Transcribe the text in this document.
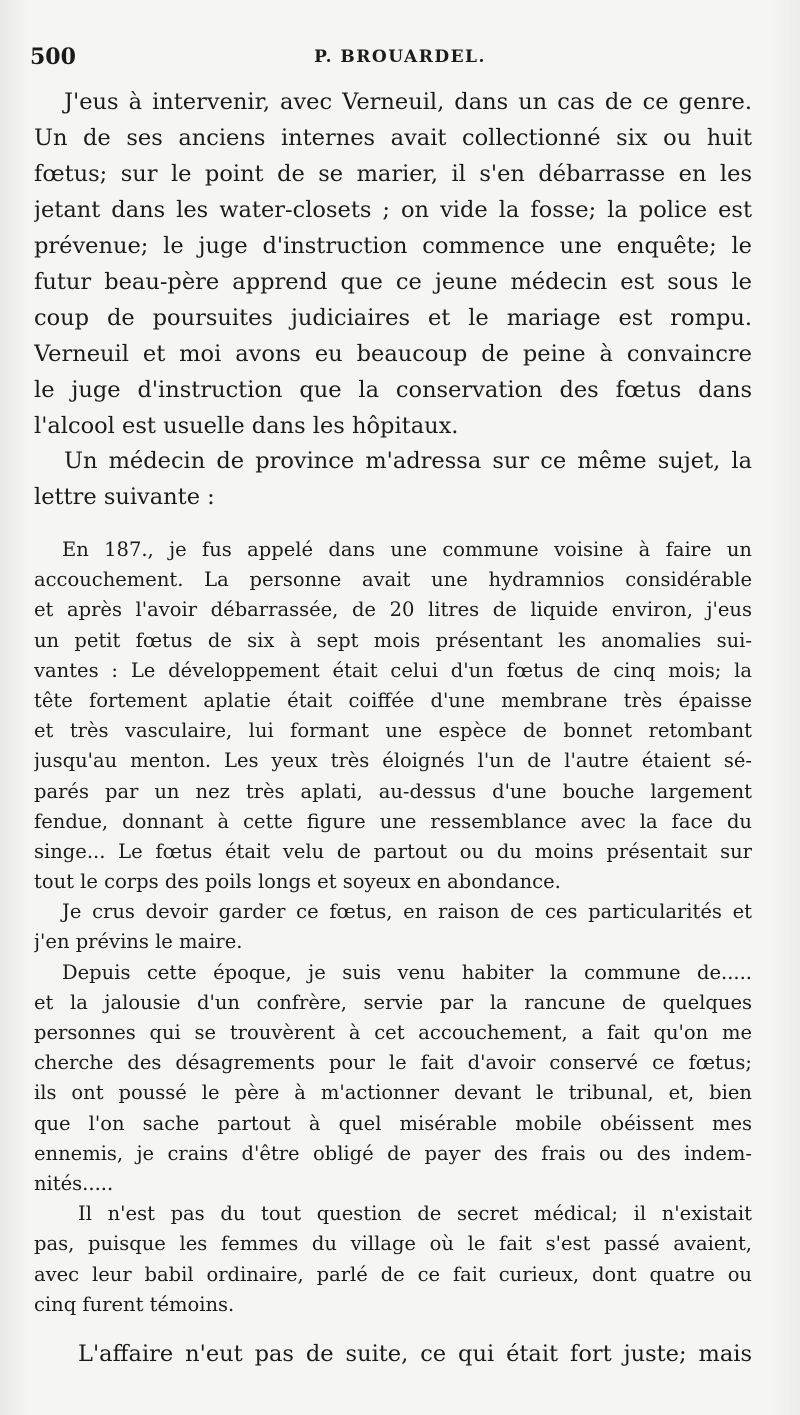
500	P. BROUARDEL.
J'eus à intervenir, avec Verneuil, dans un cas de ce genre.
Un de ses anciens internes avait collectionné six ou huit
fœtus; sur le point de se marier, il s'en débarrasse en les
jetant dans les water-closets ; on vide la fosse; la police est
prévenue; le juge d'instruction commence une enquête; le
futur beau-père apprend que ce jeune médecin est sous le
coup de poursuites judiciaires et le mariage est rompu.
Verneuil et moi avons eu beaucoup de peine à convaincre
le juge d'instruction que la conservation des fœtus dans
l'alcool est usuelle dans les hôpitaux.
Un médecin de province m'adressa sur ce même sujet, la
lettre suivante :
En 187., je fus appelé dans une commune voisine à faire un
accouchement. La personne avait une hydramnios considérable
et après l'avoir débarrassée, de 20 litres de liquide environ, j'eus
un petit fœtus de six à sept mois présentant les anomalies sui-
vantes : Le développement était celui d'un fœtus de cinq mois; la
tête fortement aplatie était coiffée d'une membrane très épaisse
et très vasculaire, lui formant une espèce de bonnet retombant
jusqu'au menton. Les yeux très éloignés l'un de l'autre étaient sé-
parés par un nez très aplati, au-dessus d'une bouche largement
fendue, donnant à cette figure une ressemblance avec la face du
singe... Le fœtus était velu de partout ou du moins présentait sur
tout le corps des poils longs et soyeux en abondance.
Je crus devoir garder ce fœtus, en raison de ces particularités et
j'en prévins le maire.
Depuis cette époque, je suis venu habiter la commune de.....
et la jalousie d'un confrère, servie par la rancune de quelques
personnes qui se trouvèrent à cet accouchement, a fait qu'on me
cherche des désagrements pour le fait d'avoir conservé ce fœtus;
ils ont poussé le père à m'actionner devant le tribunal, et, bien
que l'on sache partout à quel misérable mobile obéissent mes
ennemis, je crains d'être obligé de payer des frais ou des indem-
nités.....
Il n'est pas du tout question de secret médical; il n'existait
pas, puisque les femmes du village où le fait s'est passé avaient,
avec leur babil ordinaire, parlé de ce fait curieux, dont quatre ou
cinq furent témoins.
L'affaire n'eut pas de suite, ce qui était fort juste; mais
